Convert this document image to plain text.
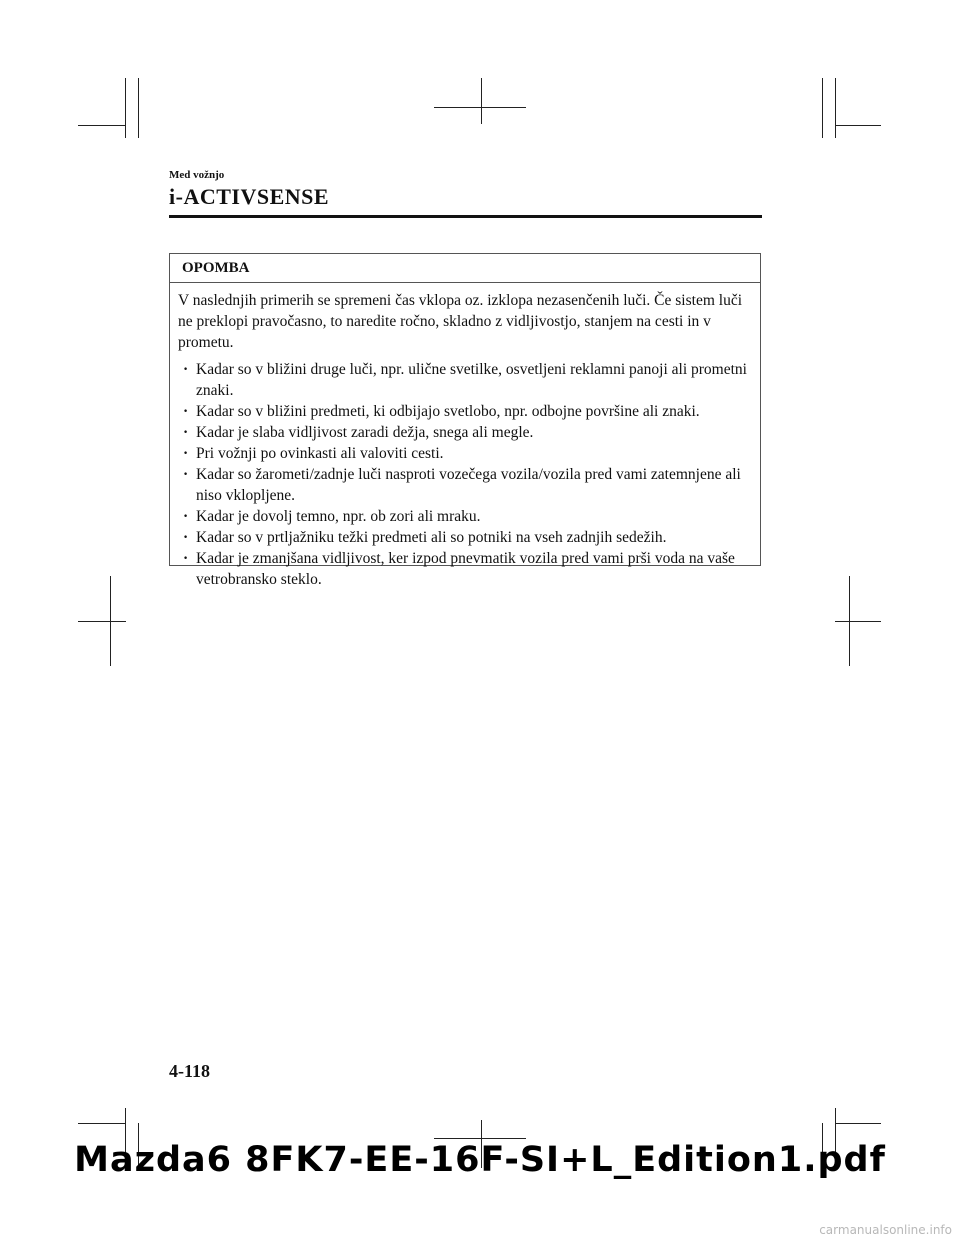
Med vožnjo
i-ACTIVSENSE
OPOMBA

V naslednjih primerih se spremeni čas vklopa oz. izklopa nezasenčenih luči. Če sistem luči ne preklopi pravočasno, to naredite ročno, skladno z vidljivostjo, stanjem na cesti in v prometu.

· Kadar so v bližini druge luči, npr. ulične svetilke, osvetljeni reklamni panoji ali prometni znaki.
· Kadar so v bližini predmeti, ki odbijajo svetlobo, npr. odbojne površine ali znaki.
· Kadar je slaba vidljivost zaradi dežja, snega ali megle.
· Pri vožnji po ovinkasti ali valoviti cesti.
· Kadar so žarometi/zadnje luči nasproti vozečega vozila/vozila pred vami zatemnjene ali niso vklopljene.
· Kadar je dovolj temno, npr. ob zori ali mraku.
· Kadar so v prtljažniku težki predmeti ali so potniki na vseh zadnjih sedežih.
· Kadar je zmanjšana vidljivost, ker izpod pnevmatik vozila pred vami prši voda na vaše vetrobransko steklo.
4-118
Mazda6 8FK7-EE-16F-SI+L_Edition1.pdf
carmanualsonline.info
